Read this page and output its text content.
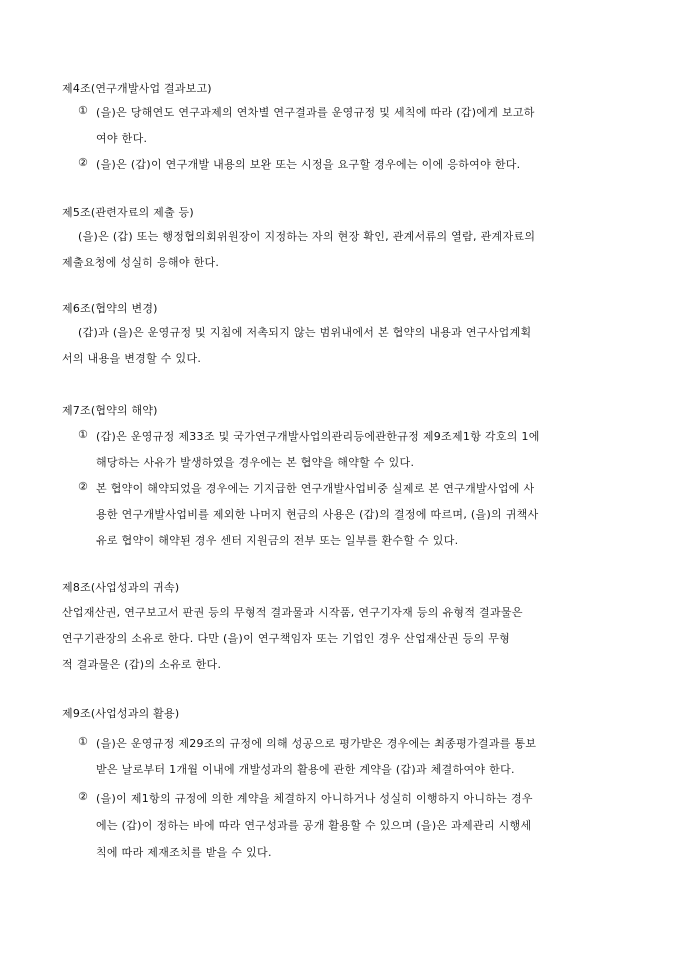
제4조(연구개발사업 결과보고)
① (을)은 당해연도 연구과제의 연차별 연구결과를 운영규정 및 세칙에 따라 (갑)에게 보고하
여야 한다.
② (을)은 (갑)이 연구개발 내용의 보완 또는 시정을 요구할 경우에는 이에 응하여야 한다.
제5조(관련자료의 제출 등)
(을)은 (갑) 또는 행정협의회위원장이 지정하는 자의 현장 확인, 관계서류의 열람, 관계자료의
제출요청에 성실히 응해야 한다.
제6조(협약의 변경)
(갑)과 (을)은 운영규정 및 지침에 저촉되지 않는 범위내에서 본 협약의 내용과 연구사업계획
서의 내용을 변경할 수 있다.
제7조(협약의 해약)
① (갑)은 운영규정 제33조 및 국가연구개발사업의관리등에관한규정 제9조제1항 각호의 1에
해당하는 사유가 발생하였을 경우에는 본 협약을 해약할 수 있다.
② 본 협약이 해약되었을 경우에는 기지급한 연구개발사업비중 실제로 본 연구개발사업에 사
용한 연구개발사업비를 제외한 나머지 현금의 사용은 (갑)의 결정에 따르며, (을)의 귀책사
유로 협약이 해약된 경우 센터 지원금의 전부 또는 일부를 환수할 수 있다.
제8조(사업성과의 귀속)
산업재산권, 연구보고서 판권 등의 무형적 결과물과 시작품, 연구기자재 등의 유형적 결과물은
연구기관장의 소유로 한다. 다만 (을)이 연구책임자 또는 기업인 경우 산업재산권 등의 무형
적 결과물은 (갑)의 소유로 한다.
제9조(사업성과의 활용)
① (을)은 운영규정 제29조의 규정에 의해 성공으로 평가받은 경우에는 최종평가결과를 통보
받은 날로부터 1개월 이내에 개발성과의 활용에 관한 계약을 (갑)과 체결하여야 한다.
② (을)이 제1항의 규정에 의한 계약을 체결하지 아니하거나 성실히 이행하지 아니하는 경우
에는 (갑)이 정하는 바에 따라 연구성과를 공개 활용할 수 있으며 (을)은 과제관리 시행세
칙에 따라 제재조치를 받을 수 있다.
